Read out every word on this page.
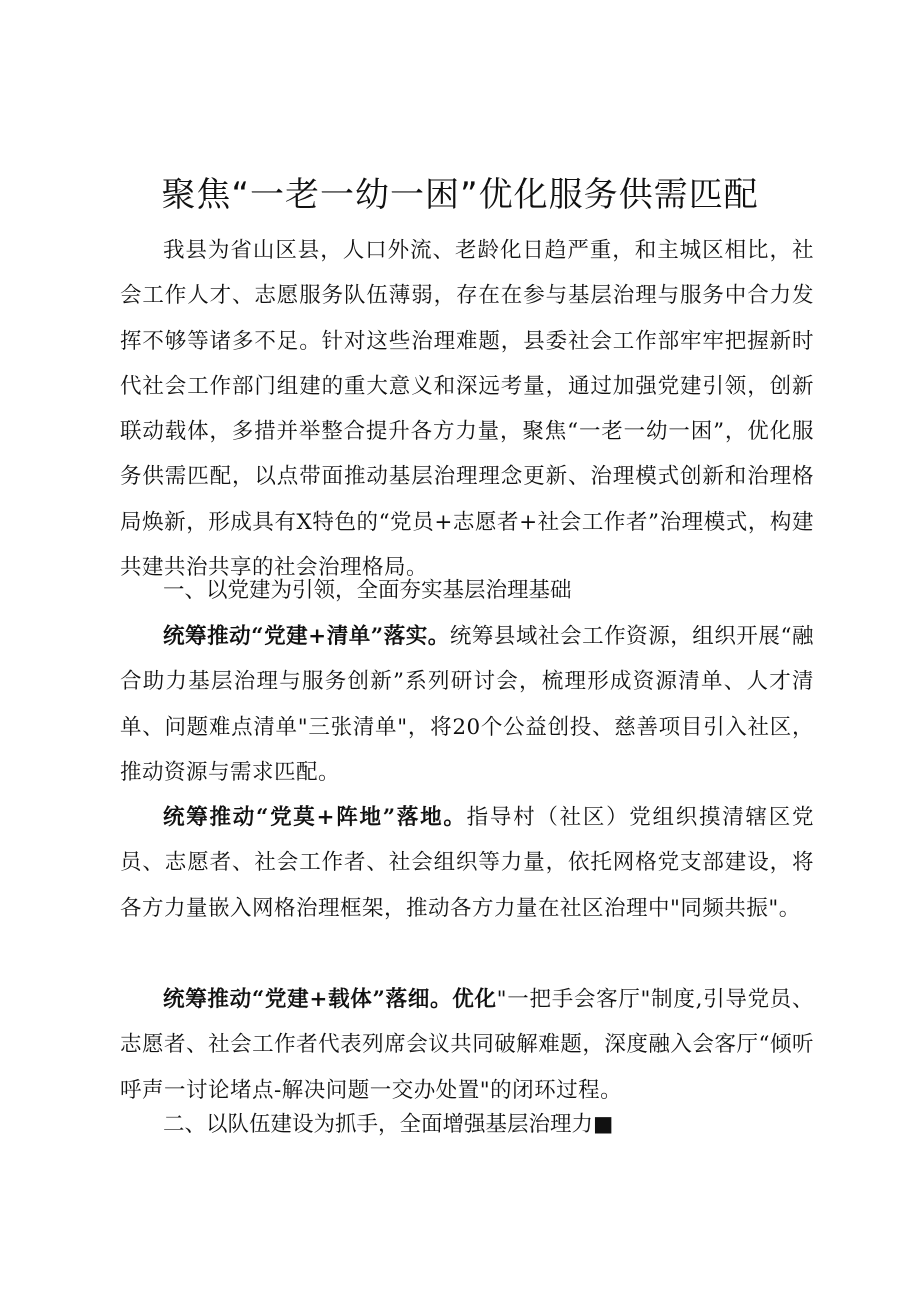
聚焦“一老一幼一困”优化服务供需匹配

我县为省山区县，人口外流、老龄化日趋严重，和主城区相比，社会工作人才、志愿服务队伍薄弱，存在在参与基层治理与服务中合力发挥不够等诸多不足。针对这些治理难题，县委社会工作部牢牢把握新时代社会工作部门组建的重大意义和深远考量，通过加强党建引领，创新联动载体，多措并举整合提升各方力量，聚焦“一老一幼一困”，优化服务供需匹配，以点带面推动基层治理理念更新、治理模式创新和治理格局焕新，形成具有X特色的“党员+志愿者+社会工作者”治理模式，构建共建共治共享的社会治理格局。

一、以党建为引领，全面夯实基层治理基础

统筹推动“党建+清单”落实。统筹县域社会工作资源，组织开展“融合助力基层治理与服务创新”系列研讨会，梳理形成资源清单、人才清单、问题难点清单"三张清单"，将20个公益创投、慈善项目引入社区，推动资源与需求匹配。

统筹推动“党莫+阵地”落地。指导村（社区）党组织摸清辖区党员、志愿者、社会工作者、社会组织等力量，依托网格党支部建设，将各方力量嵌入网格治理框架，推动各方力量在社区治理中"同频共振"。

统筹推动“党建+载体”落细。优化"一把手会客厅"制度,引导党员、志愿者、社会工作者代表列席会议共同破解难题，深度融入会客厅“倾听呼声一讨论堵点-解决问题一交办处置"的闭环过程。

二、以队伍建设为抓手，全面增强基层治理力■
